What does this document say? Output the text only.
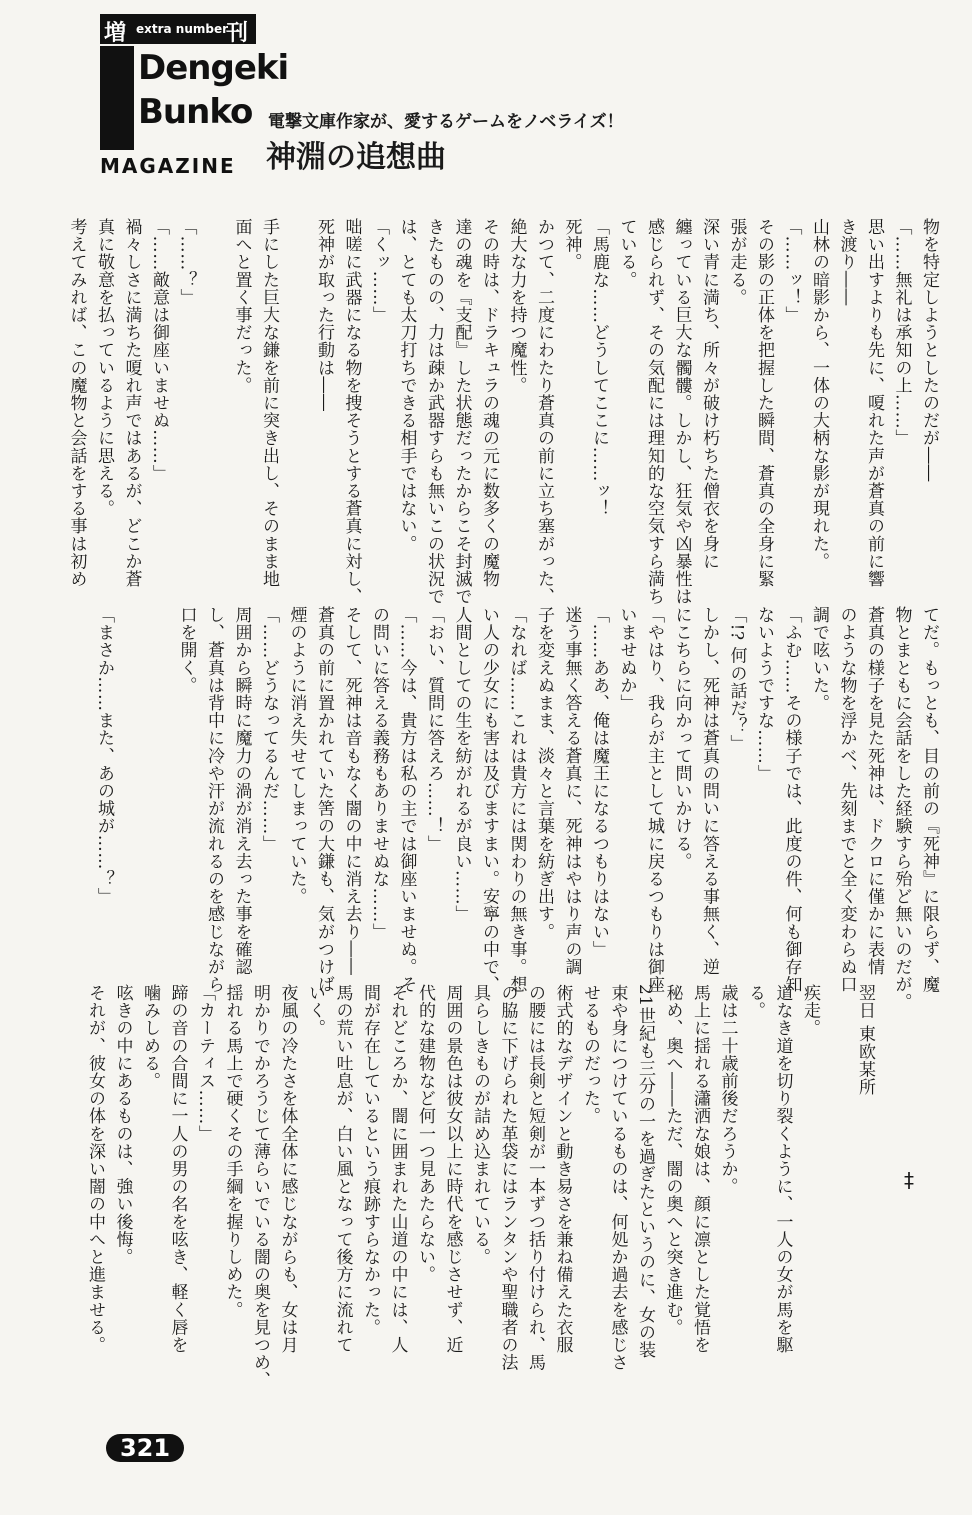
増 extra number
刊
Dengeki
Bunko
MAGAZINE
電撃文庫作家が、愛するゲームをノベライズ！
神淵の追想曲

物を特定しようとしたのだが――

「……無礼は承知の上……」

思い出すよりも先に、嗄れた声が蒼真の前に響

き渡り――

山林の暗影から、一体の大柄な影が現れた。

「……ッ！」

その影の正体を把握した瞬間、蒼真の全身に緊

張が走る。

深い青に満ち、所々が破け朽ちた僧衣を身に

纏っている巨大な髑髏。しかし、狂気や凶暴性は

感じられず、その気配には理知的な空気すら満ち

ている。

「馬鹿な……どうしてここに……ッ！

死神。

かつて、二度にわたり蒼真の前に立ち塞がった、

絶大な力を持つ魔性。

その時は、ドラキュラの魂の元に数多くの魔物

達の魂を『支配』した状態だったからこそ封滅で

きたものの、力は疎か武器すらも無いこの状況で

は、とても太刀打ちできる相手ではない。

「くッ……」

咄嗟に武器になる物を捜そうとする蒼真に対し、

死神が取った行動は――

手にした巨大な鎌を前に突き出し、そのまま地

面へと置く事だった。

「……？」

「……敵意は御座いませぬ……」

禍々しさに満ちた嗄れ声ではあるが、どこか蒼

真に敬意を払っているように思える。

考えてみれば、この魔物と会話をする事は初め

てだ。もっとも、目の前の『死神』に限らず、魔

物とまともに会話をした経験すら殆ど無いのだが。

蒼真の様子を見た死神は、ドクロに僅かに表情

のような物を浮かべ、先刻までと全く変わらぬ口

調で呟いた。

「ふむ……その様子では、此度の件、何も御存知

ないようですな……」

「!? 何の話だ？」

しかし、死神は蒼真の問いに答える事無く、逆

にこちらに向かって問いかける。

「やはり、我らが主として城に戻るつもりは御座

いませぬか」

「……ああ、俺は魔王になるつもりはない」

迷う事無く答える蒼真に、死神はやはり声の調

子を変えぬまま、淡々と言葉を紡ぎ出す。

「なれば……これは貴方には関わりの無き事。想

い人の少女にも害は及びますまい。安寧の中で、

人間としての生を紡がれるが良い……」

「おい、質問に答えろ……！」

「……今は、貴方は私の主では御座いませぬ。そ

の問いに答える義務もありませぬな……」

そして、死神は音もなく闇の中に消え去り――

蒼真の前に置かれていた筈の大鎌も、気がつけば

煙のように消え失せてしまっていた。

「……どうなってるんだ……」

周囲から瞬時に魔力の渦が消え去った事を確認

し、蒼真は背中に冷や汗が流れるのを感じながら

口を開く。

「まさか……また、あの城が……？」

翌日 東欧某所

疾走。

道なき道を切り裂くように、一人の女が馬を駆

る。

歳は二十歳前後だろうか。

馬上に揺れる瀟洒な娘は、顔に凛とした覚悟を

秘め、奥へ――ただ、闇の奥へと突き進む。

21世紀も三分の一を過ぎたというのに、女の装

束や身につけているものは、何処か過去を感じさ

せるものだった。

術式的なデザインと動き易さを兼ね備えた衣服

の腰には長剣と短剣が一本ずつ括り付けられ、馬

の脇に下げられた革袋にはランタンや聖職者の法

具らしきものが詰め込まれている。

周囲の景色は彼女以上に時代を感じさせず、近

代的な建物など何一つ見あたらない。

それどころか、闇に囲まれた山道の中には、人

間が存在しているという痕跡すらなかった。

馬の荒い吐息が、白い風となって後方に流れて

いく。

夜風の冷たさを体全体に感じながらも、女は月

明かりでかろうじて薄らいでいる闇の奥を見つめ、

揺れる馬上で硬くその手綱を握りしめた。

「カーティス……」

蹄の音の合間に一人の男の名を呟き、軽く唇を

噛みしめる。

呟きの中にあるものは、強い後悔。

それが、彼女の体を深い闇の中へと進ませる。	‡
321
